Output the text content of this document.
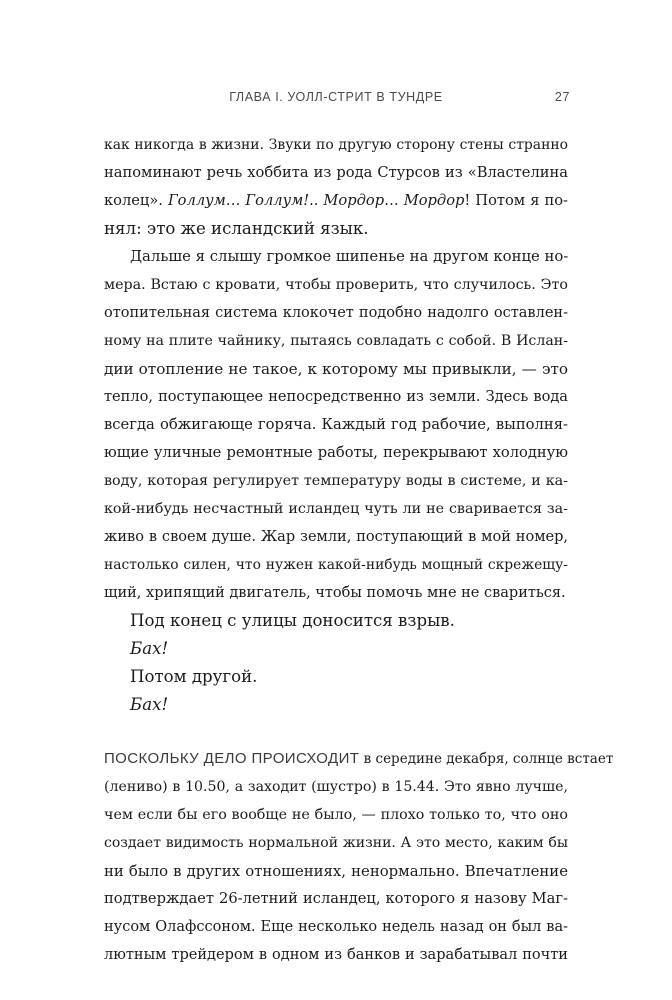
ГЛАВА I. УОЛЛ-СТРИТ В ТУНДРЕ	27
как никогда в жизни. Звуки по другую сторону стены странно
напоминают речь хоббита из рода Стурсов из «Властелина
колец». Голлум… Голлум!.. Мордор… Мордор! Потом я по-
нял: это же исландский язык.
Дальше я слышу громкое шипенье на другом конце но-
мера. Встаю с кровати, чтобы проверить, что случилось. Это
отопительная система клокочет подобно надолго оставлен-
ному на плите чайнику, пытаясь совладать с собой. В Ислан-
дии отопление не такое, к которому мы привыкли, — это
тепло, поступающее непосредственно из земли. Здесь вода
всегда обжигающе горяча. Каждый год рабочие, выполня-
ющие уличные ремонтные работы, перекрывают холодную
воду, которая регулирует температуру воды в системе, и ка-
кой-нибудь несчастный исландец чуть ли не сваривается за-
живо в своем душе. Жар земли, поступающий в мой номер,
настолько силен, что нужен какой-нибудь мощный скрежещу-
щий, хрипящий двигатель, чтобы помочь мне не свариться.
Под конец с улицы доносится взрыв.
Бах!
Потом другой.
Бах!
ПОСКОЛЬКУ ДЕЛО ПРОИСХОДИТ в середине декабря, солнце встает
(лениво) в 10.50, а заходит (шустро) в 15.44. Это явно лучше,
чем если бы его вообще не было, — плохо только то, что оно
создает видимость нормальной жизни. А это место, каким бы
ни было в других отношениях, ненормально. Впечатление
подтверждает 26-летний исландец, которого я назову Маг-
нусом Олафссоном. Еще несколько недель назад он был ва-
лютным трейдером в одном из банков и зарабатывал почти
